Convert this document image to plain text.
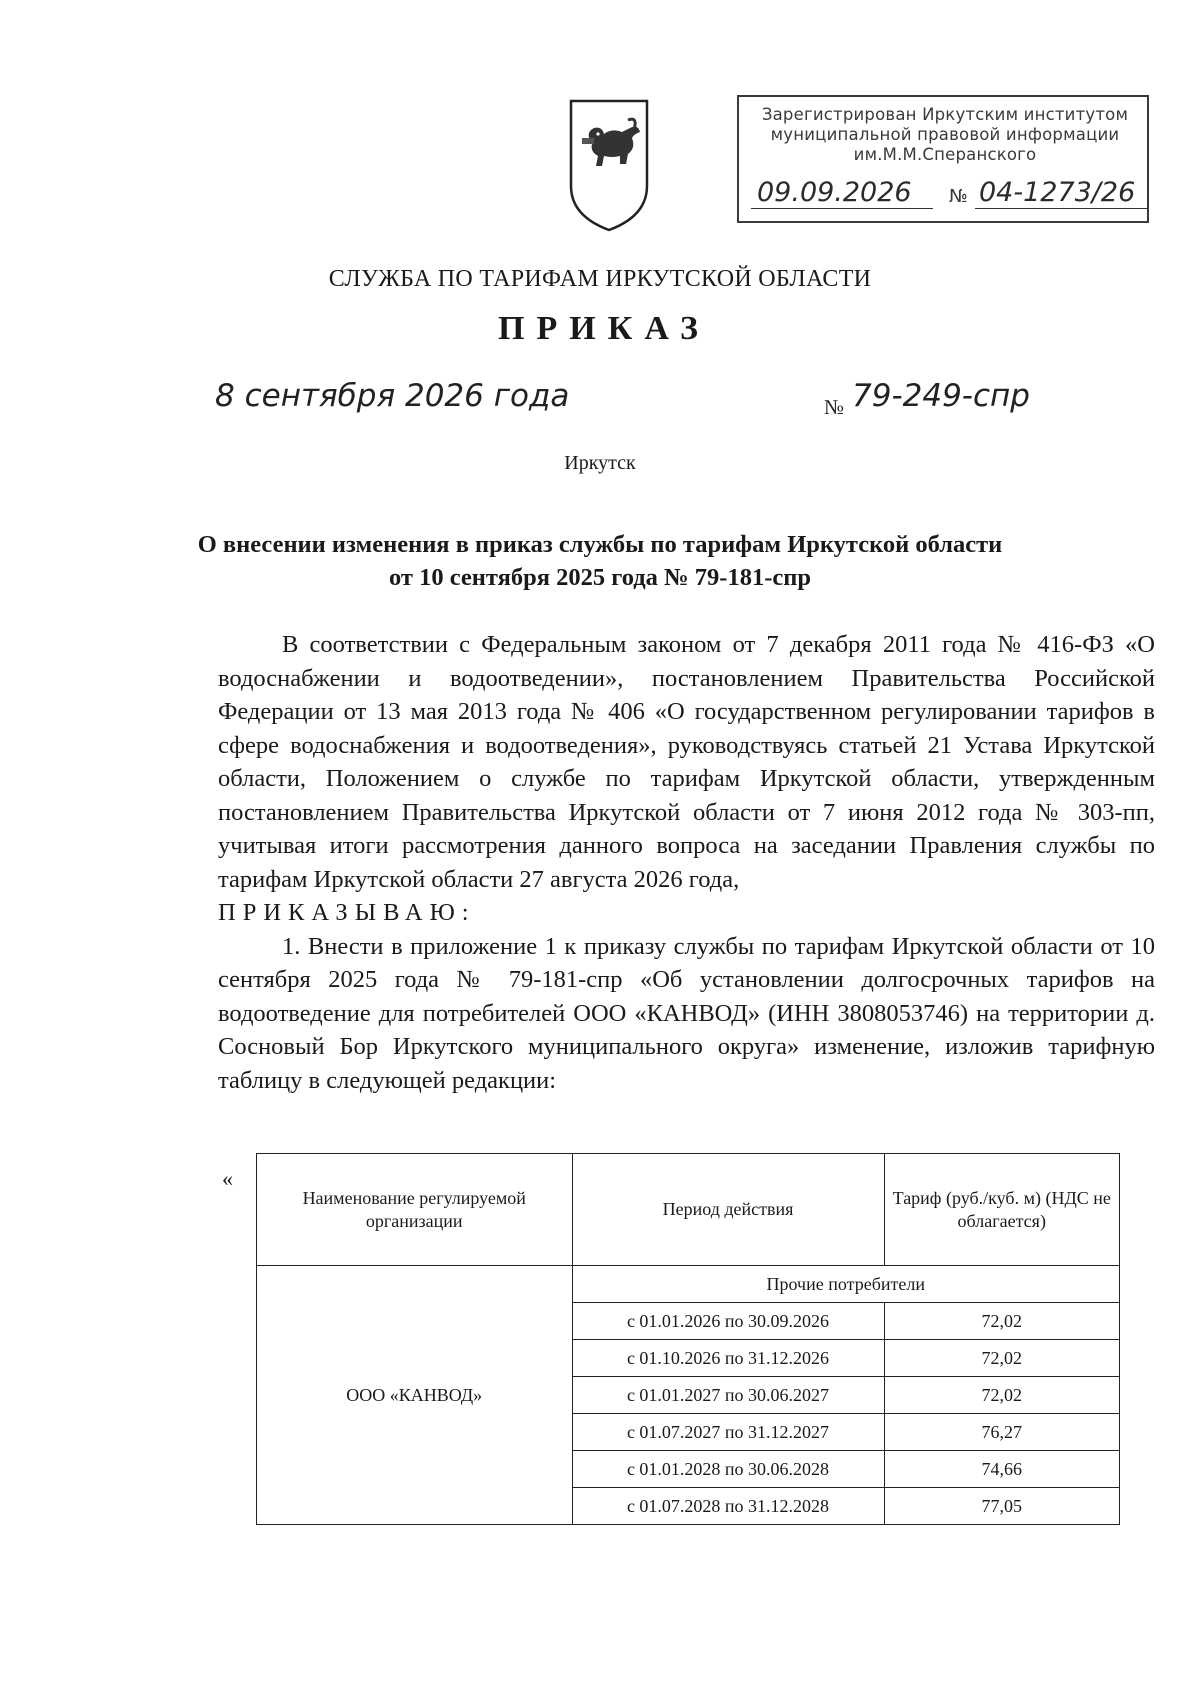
Зарегистрирован Иркутским институтом
муниципальной правовой информации
им.М.М.Сперанского
09.09.2026	№ 04-1273/26
СЛУЖБА ПО ТАРИФАМ ИРКУТСКОЙ ОБЛАСТИ
ПРИКАЗ
8 сентября 2026 года	№ 79-249-спр
Иркутск
О внесении изменения в приказ службы по тарифам Иркутской области
от 10 сентября 2025 года № 79-181-спр
В соответствии с Федеральным законом от 7 декабря 2011 года № 416-ФЗ «О водоснабжении и водоотведении», постановлением Правительства Российской Федерации от 13 мая 2013 года № 406 «О государственном регулировании тарифов в сфере водоснабжения и водоотведения», руководствуясь статьей 21 Устава Иркутской области, Положением о службе по тарифам Иркутской области, утвержденным постановлением Правительства Иркутской области от 7 июня 2012 года № 303-пп, учитывая итоги рассмотрения данного вопроса на заседании Правления службы по тарифам Иркутской области 27 августа 2026 года,
ПРИКАЗЫВАЮ:
1. Внести в приложение 1 к приказу службы по тарифам Иркутской области от 10 сентября 2025 года № 79-181-спр «Об установлении долгосрочных тарифов на водоотведение для потребителей ООО «КАНВОД» (ИНН 3808053746) на территории д. Сосновый Бор Иркутского муниципального округа» изменение, изложив тарифную таблицу в следующей редакции:
«
Наименование регулируемой организации	Период действия	Тариф (руб./куб. м) (НДС не облагается)
ООО «КАНВОД»	Прочие потребители	
	с 01.01.2026 по 30.09.2026	72,02
	с 01.10.2026 по 31.12.2026	72,02
	с 01.01.2027 по 30.06.2027	72,02
	с 01.07.2027 по 31.12.2027	76,27
	с 01.01.2028 по 30.06.2028	74,66
	с 01.07.2028 по 31.12.2028	77,05
